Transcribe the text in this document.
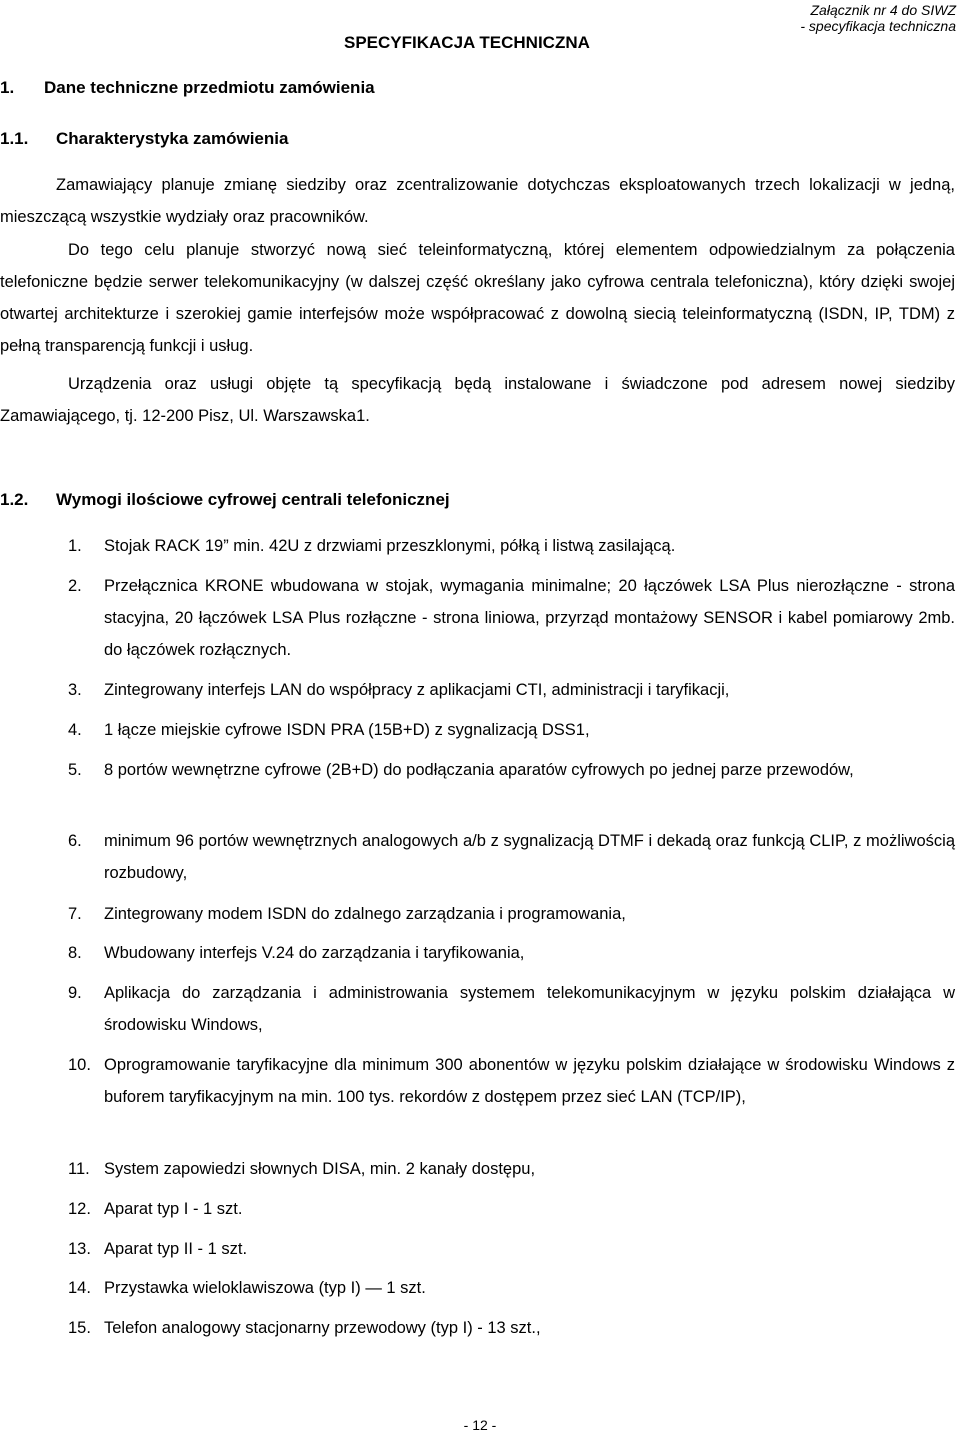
Załącznik nr 4 do SIWZ
- specyfikacja techniczna
SPECYFIKACJA TECHNICZNA
1. Dane techniczne przedmiotu zamówienia
1.1. Charakterystyka zamówienia
Zamawiający planuje zmianę siedziby oraz zcentralizowanie dotychczas eksploatowanych trzech lokalizacji w jedną, mieszczącą wszystkie wydziały oraz pracowników.
Do tego celu planuje stworzyć nową sieć teleinformatyczną, której elementem odpowiedzialnym za połączenia telefoniczne będzie serwer telekomunikacyjny (w dalszej część określany jako cyfrowa centrala telefoniczna), który dzięki swojej otwartej architekturze i szerokiej gamie interfejsów może współpracować z dowolną siecią teleinformatyczną (ISDN, IP, TDM) z pełną transparencją funkcji i usług.
Urządzenia oraz usługi objęte tą specyfikacją będą instalowane i świadczone pod adresem nowej siedziby Zamawiającego, tj. 12-200 Pisz, Ul. Warszawska1.
1.2. Wymogi ilościowe cyfrowej centrali telefonicznej
1. Stojak RACK 19” min. 42U z drzwiami przeszklonymi, półką i listwą zasilającą.
2. Przełącznica KRONE wbudowana w stojak, wymagania minimalne; 20 łączówek LSA Plus nierozłączne - strona stacyjna, 20 łączówek LSA Plus rozłączne - strona liniowa, przyrząd montażowy SENSOR i kabel pomiarowy 2mb. do łączówek rozłącznych.
3. Zintegrowany interfejs LAN do współpracy z aplikacjami CTI, administracji i taryfikacji,
4. 1 łącze miejskie cyfrowe ISDN PRA (15B+D) z sygnalizacją DSS1,
5. 8 portów wewnętrzne cyfrowe (2B+D) do podłączania aparatów cyfrowych po jednej parze przewodów,
6. minimum 96 portów wewnętrznych analogowych a/b z sygnalizacją DTMF i dekadą oraz funkcją CLIP, z możliwością rozbudowy,
7. Zintegrowany modem ISDN do zdalnego zarządzania i programowania,
8. Wbudowany interfejs V.24 do zarządzania i taryfikowania,
9. Aplikacja do zarządzania i administrowania systemem telekomunikacyjnym w języku polskim działająca w środowisku Windows,
10. Oprogramowanie taryfikacyjne dla minimum 300 abonentów w języku polskim działające w środowisku Windows z buforem taryfikacyjnym na min. 100 tys. rekordów z dostępem przez sieć LAN (TCP/IP),
11. System zapowiedzi słownych DISA, min. 2 kanały dostępu,
12. Aparat typ I - 1 szt.
13. Aparat typ II - 1 szt.
14. Przystawka wieloklawiszowa (typ I) — 1 szt.
15. Telefon analogowy stacjonarny przewodowy (typ I) - 13 szt.,
- 12 -
